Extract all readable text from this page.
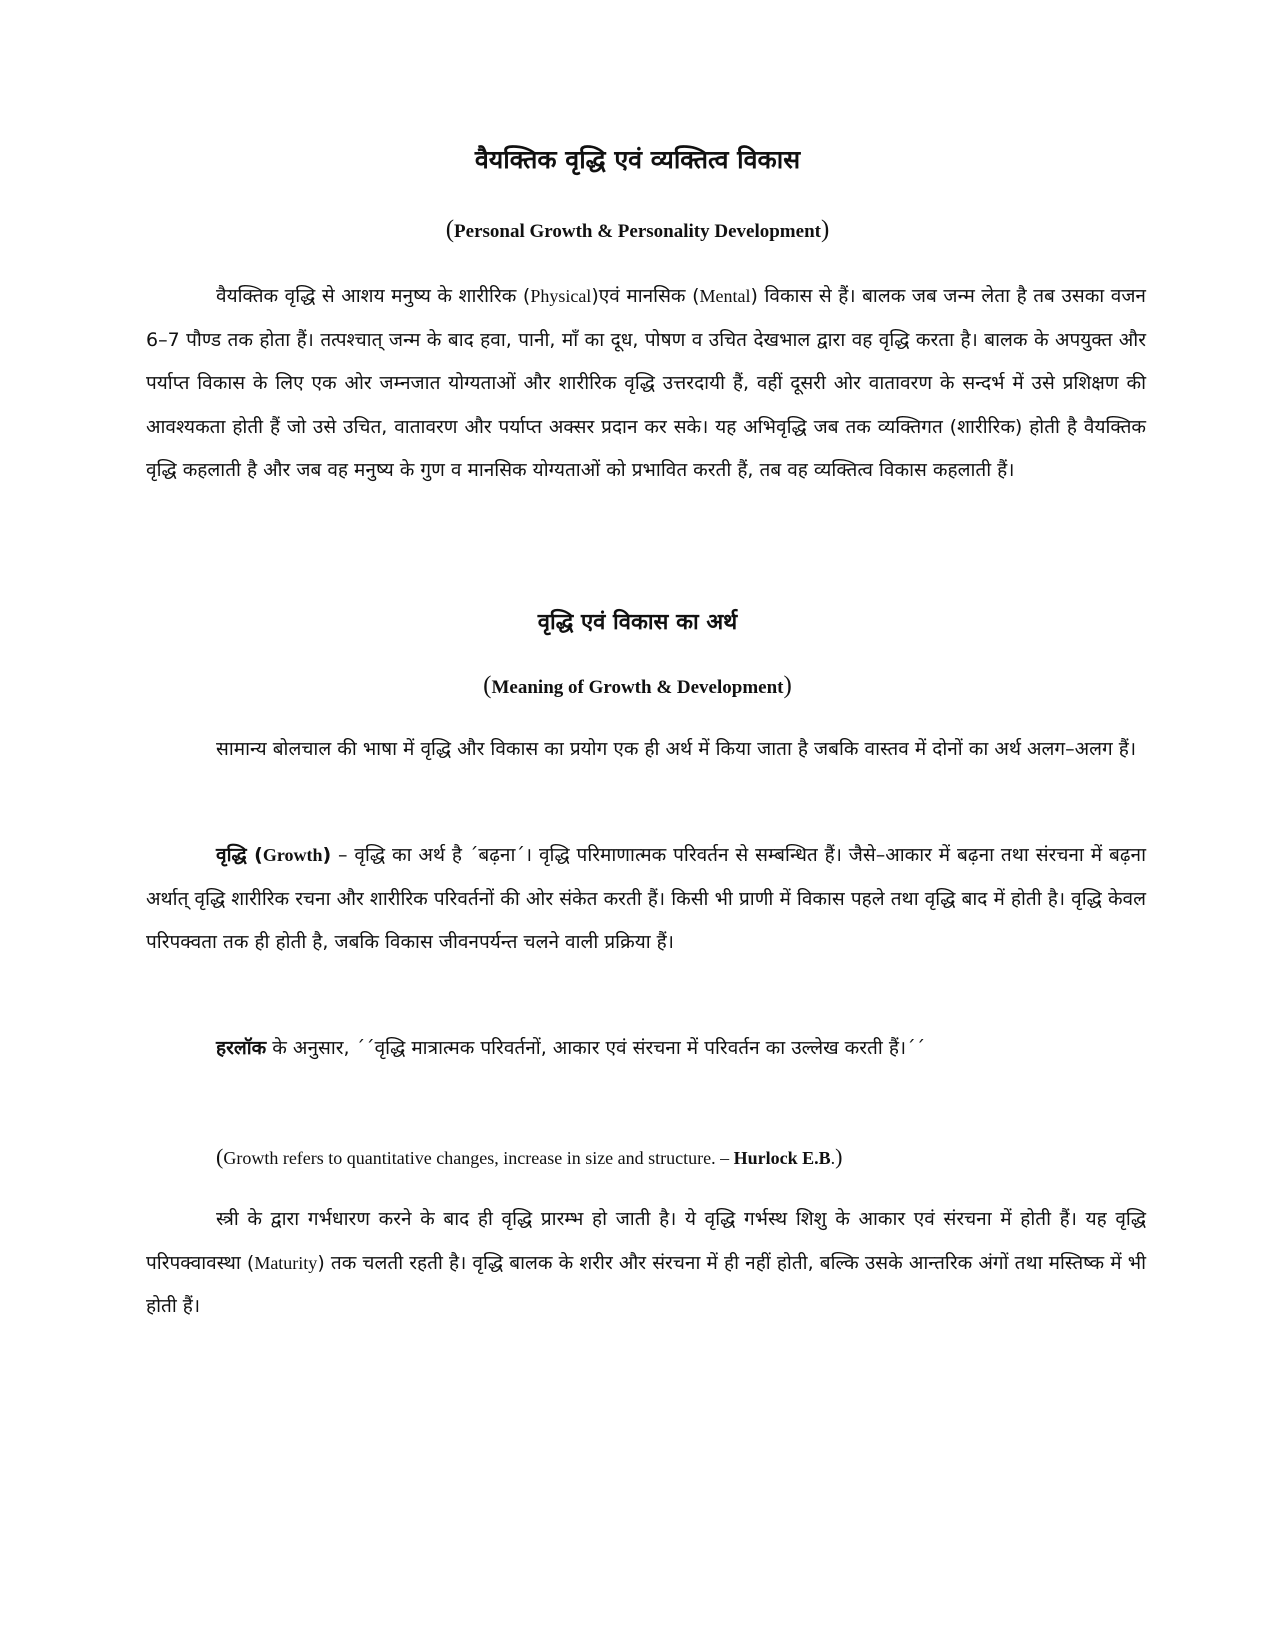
वैयक्तिक वृद्धि एवं व्यक्तित्व विकास
(Personal Growth & Personality Development)

वैयक्तिक वृद्धि से आशय मनुष्य के शारीरिक (Physical)एवं मानसिक (Mental) विकास से हैं। बालक जब जन्म लेता है तब उसका वजन 6–7 पौण्ड तक होता हैं। तत्पश्चात् जन्म के बाद हवा, पानी, माँ का दूध, पोषण व उचित देखभाल द्वारा वह वृद्धि करता है। बालक के अपयुक्त और पर्याप्त विकास के लिए एक ओर जम्नजात योग्यताओं और शारीरिक वृद्धि उत्तरदायी हैं, वहीं दूसरी ओर वातावरण के सन्दर्भ में उसे प्रशिक्षण की आवश्यकता होती हैं जो उसे उचित, वातावरण और पर्याप्त अक्सर प्रदान कर सके। यह अभिवृद्धि जब तक व्यक्तिगत (शारीरिक) होती है वैयक्तिक वृद्धि कहलाती है और जब वह मनुष्य के गुण व मानसिक योग्यताओं को प्रभावित करती हैं, तब वह व्यक्तित्व विकास कहलाती हैं।

वृद्धि एवं विकास का अर्थ
(Meaning of Growth & Development)

सामान्य बोलचाल की भाषा में वृद्धि और विकास का प्रयोग एक ही अर्थ में किया जाता है जबकि वास्तव में दोनों का अर्थ अलग–अलग हैं।

वृद्धि (Growth) – वृद्धि का अर्थ है ´बढ़ना´। वृद्धि परिमाणात्मक परिवर्तन से सम्बन्धित हैं। जैसे–आकार में बढ़ना तथा संरचना में बढ़ना अर्थात् वृद्धि शारीरिक रचना और शारीरिक परिवर्तनों की ओर संकेत करती हैं। किसी भी प्राणी में विकास पहले तथा वृद्धि बाद में होती है। वृद्धि केवल परिपक्वता तक ही होती है, जबकि विकास जीवनपर्यन्त चलने वाली प्रक्रिया हैं।

हरलॉक के अनुसार, ´´वृद्धि मात्रात्मक परिवर्तनों, आकार एवं संरचना में परिवर्तन का उल्लेख करती हैं।´´

(Growth refers to quantitative changes, increase in size and structure. – Hurlock E.B.)

स्त्री के द्वारा गर्भधारण करने के बाद ही वृद्धि प्रारम्भ हो जाती है। ये वृद्धि गर्भस्थ शिशु के आकार एवं संरचना में होती हैं। यह वृद्धि परिपक्वावस्था (Maturity) तक चलती रहती है। वृद्धि बालक के शरीर और संरचना में ही नहीं होती, बल्कि उसके आन्तरिक अंगों तथा मस्तिष्क में भी होती हैं।
